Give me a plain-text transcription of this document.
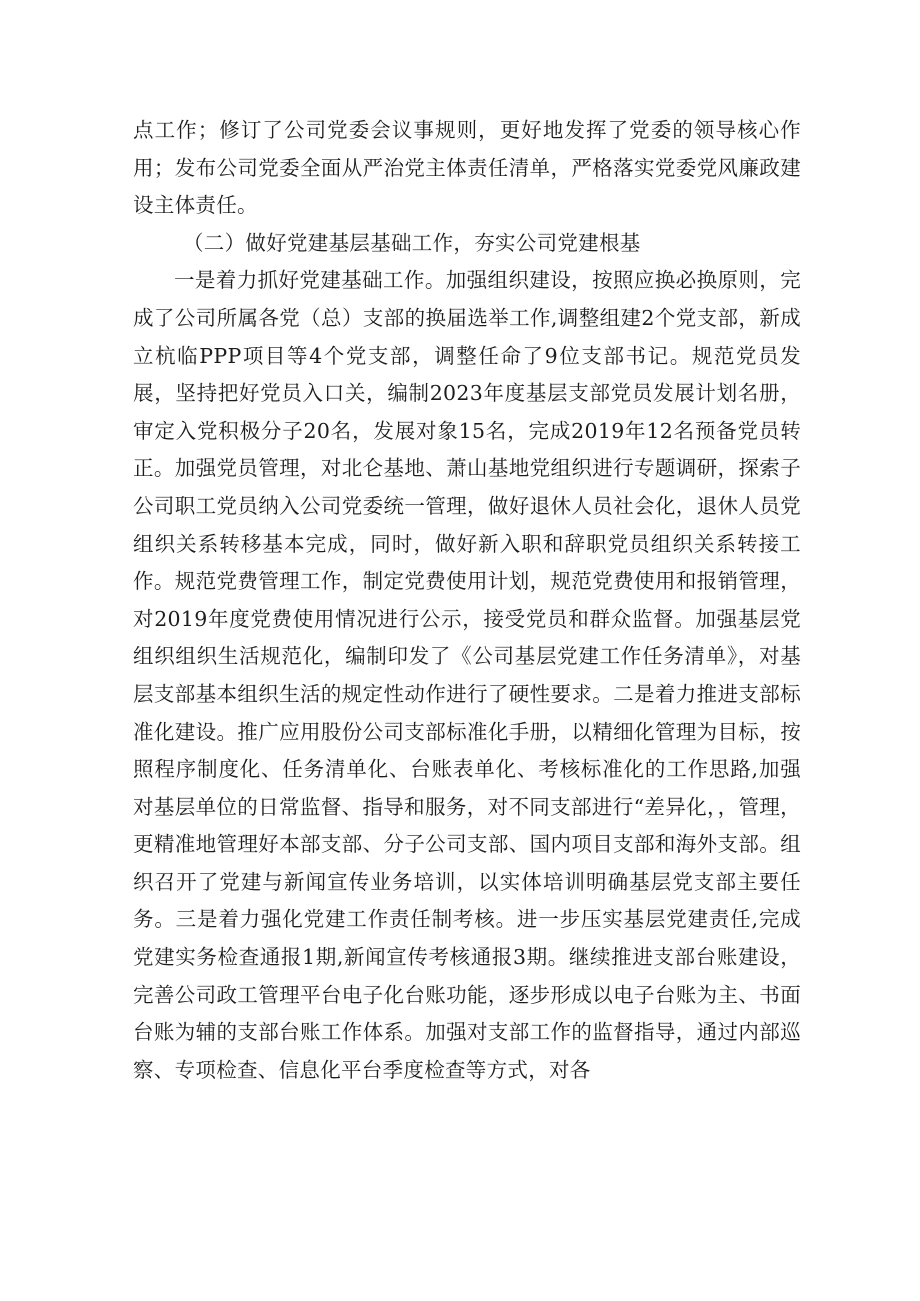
点工作；修订了公司党委会议事规则，更好地发挥了党委的领导核心作用；发布公司党委全面从严治党主体责任清单，严格落实党委党风廉政建设主体责任。

（二）做好党建基层基础工作，夯实公司党建根基

一是着力抓好党建基础工作。加强组织建设，按照应换必换原则，完成了公司所属各党（总）支部的换届选举工作,调整组建2个党支部，新成立杭临PPP项目等4个党支部，调整任命了9位支部书记。规范党员发展，坚持把好党员入口关，编制2023年度基层支部党员发展计划名册，审定入党积极分子20名，发展对象15名，完成2019年12名预备党员转正。加强党员管理，对北仑基地、萧山基地党组织进行专题调研，探索子公司职工党员纳入公司党委统一管理，做好退休人员社会化，退休人员党组织关系转移基本完成，同时，做好新入职和辞职党员组织关系转接工作。规范党费管理工作，制定党费使用计划，规范党费使用和报销管理，对2019年度党费使用情况进行公示，接受党员和群众监督。加强基层党组织组织生活规范化，编制印发了《公司基层党建工作任务清单》，对基层支部基本组织生活的规定性动作进行了硬性要求。二是着力推进支部标准化建设。推广应用股份公司支部标准化手册，以精细化管理为目标，按照程序制度化、任务清单化、台账表单化、考核标准化的工作思路,加强对基层单位的日常监督、指导和服务，对不同支部进行“差异化，，管理，更精准地管理好本部支部、分子公司支部、国内项目支部和海外支部。组织召开了党建与新闻宣传业务培训，以实体培训明确基层党支部主要任务。三是着力强化党建工作责任制考核。进一步压实基层党建责任,完成党建实务检查通报1期,新闻宣传考核通报3期。继续推进支部台账建设，完善公司政工管理平台电子化台账功能，逐步形成以电子台账为主、书面台账为辅的支部台账工作体系。加强对支部工作的监督指导，通过内部巡察、专项检查、信息化平台季度检查等方式，对各
